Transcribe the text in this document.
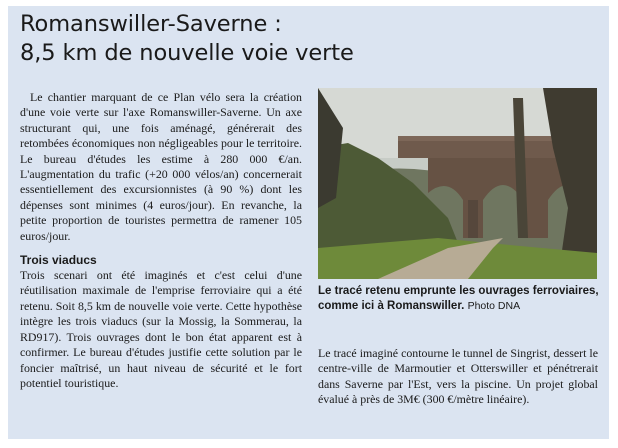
Romanswiller-Saverne :
8,5 km de nouvelle voie verte

Le chantier marquant de ce Plan vélo sera la création d'une voie verte sur l'axe Romanswiller-Saverne. Un axe structurant qui, une fois aménagé, générerait des retombées économiques non négligeables pour le territoire. Le bureau d'études les estime à 280 000 €/an. L'augmentation du trafic (+20 000 vélos/an) concernerait essentiellement des excursionnistes (à 90 %) dont les dépenses sont minimes (4 euros/jour). En revanche, la petite proportion de touristes permettra de ramener 105 euros/jour.

Trois viaducs

Trois scenari ont été imaginés et c'est celui d'une réutilisation maximale de l'emprise ferroviaire qui a été retenu. Soit 8,5 km de nouvelle voie verte. Cette hypothèse intègre les trois viaducs (sur la Mossig, la Sommerau, la RD917). Trois ouvrages dont le bon état apparent est à confirmer. Le bureau d'études justifie cette solution par le foncier maîtrisé, un haut niveau de sécurité et le fort potentiel touristique.

Le tracé retenu emprunte les ouvrages ferroviaires, comme ici à Romanswiller. Photo DNA

Le tracé imaginé contourne le tunnel de Singrist, dessert le centre-ville de Marmoutier et Otterswiller et pénétrerait dans Saverne par l'Est, vers la piscine. Un projet global évalué à près de 3M€ (300 €/mètre linéaire).
